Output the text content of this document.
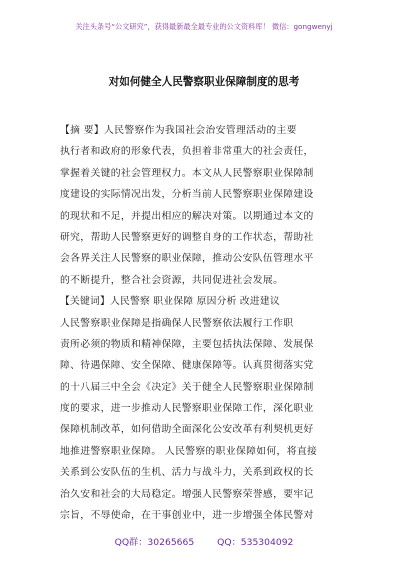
关注头条号“公文研究”，获得最新最全最专业的公文资料库！ 微信：gongwenyj
对如何健全人民警察职业保障制度的思考
【摘 要】人民警察作为我国社会治安管理活动的主要
执行者和政府的形象代表，负担着非常重大的社会责任，
掌握着关键的社会管理权力。本文从人民警察职业保障制
度建设的实际情况出发，分析当前人民警察职业保障建设
的现状和不足，并提出相应的解决对策。以期通过本文的
研究，帮助人民警察更好的调整自身的工作状态，帮助社
会各界关注人民警察的职业保障，推动公安队伍管理水平
的不断提升，整合社会资源，共同促进社会发展。
【关键词】人民警察 职业保障 原因分析 改进建议
人民警察职业保障是指确保人民警察依法履行工作职
责所必须的物质和精神保障，主要包括执法保障、发展保
障、待遇保障、安全保障、健康保障等。认真贯彻落实党
的十八届三中全会《决定》关于健全人民警察职业保障制
度的要求，进一步推动人民警察职业保障工作，深化职业
保障机制改革，如何借助全面深化公安改革有利契机更好
地推进警察职业保障。 人民警察的职业保障如何，将直接
关系到公安队伍的生机、活力与战斗力，关系到政权的长
治久安和社会的大局稳定。增强人民警察荣誉感，要牢记
宗旨，不辱使命，在干事创业中，进一步增强全体民警对
QQ群：30265665 QQ：535304092
